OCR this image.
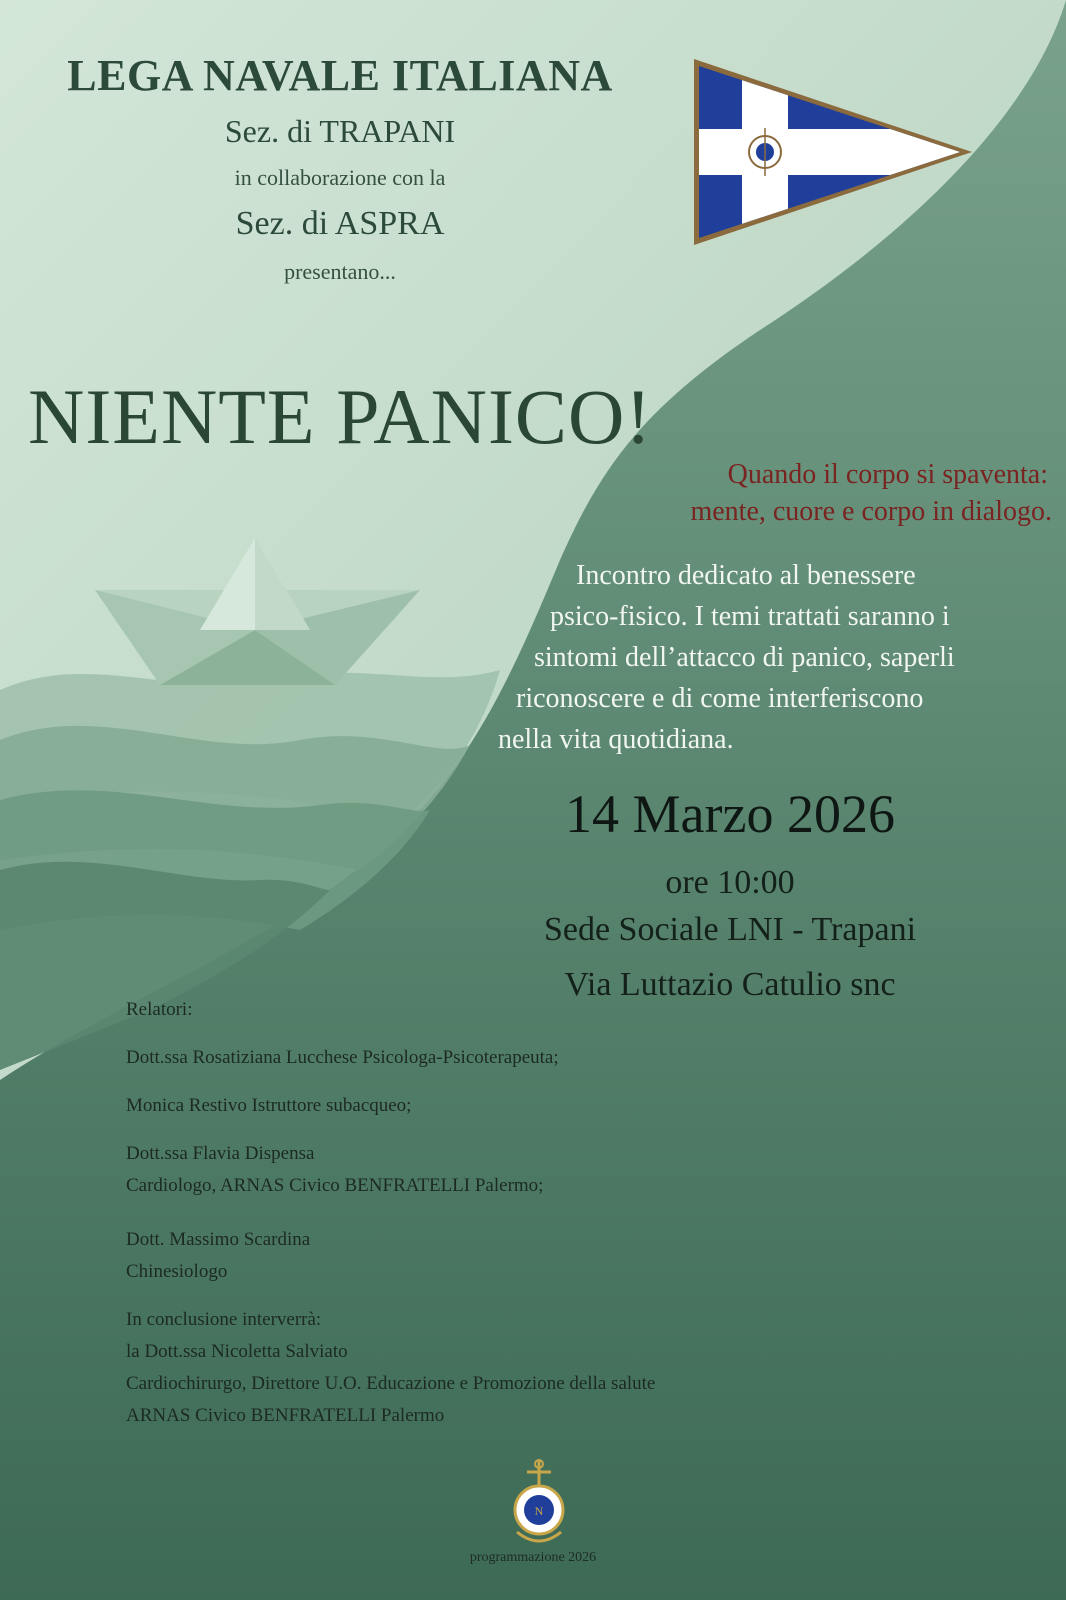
LEGA NAVALE ITALIANA
Sez. di TRAPANI
in collaborazione con la
Sez. di ASPRA
presentano...
NIENTE PANICO!
Quando il corpo si spaventa:
mente, cuore e corpo in dialogo.
Incontro dedicato al benessere
psico-fisico. I temi trattati saranno i
sintomi dell’attacco di panico, saperli
riconoscere e di come interferiscono
nella vita quotidiana.
14 Marzo 2026
ore 10:00
Sede Sociale LNI - Trapani
Via Luttazio Catulio snc

Relatori:

Dott.ssa Rosatiziana Lucchese Psicologa-Psicoterapeuta;

Monica Restivo Istruttore subacqueo;

Dott.ssa Flavia Dispensa

Cardiologo, ARNAS Civico BENFRATELLI Palermo;

Dott. Massimo Scardina

Chinesiologo

In conclusione interverrà:

la Dott.ssa Nicoletta Salviato

Cardiochirurgo, Direttore U.O. Educazione e Promozione della salute

ARNAS Civico BENFRATELLI Palermo

N
programmazione 2026
